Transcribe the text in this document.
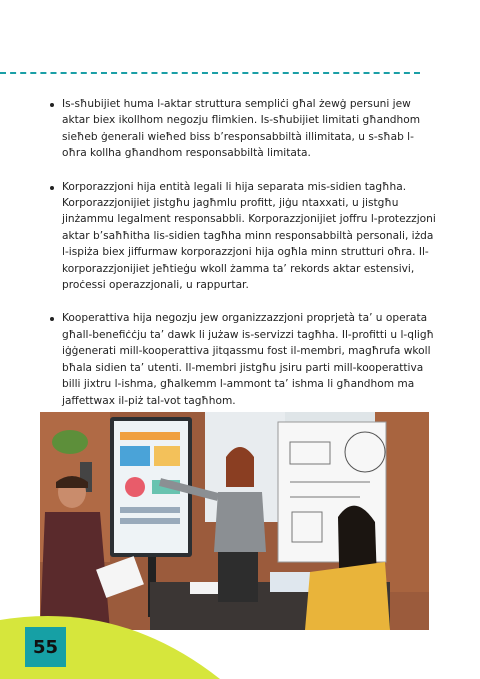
Is-sħubijiet huma l-aktar struttura sempliċi għal żewġ persuni jew aktar biex ikollhom negozju flimkien. Is-sħubijiet limitati għandhom sieħeb ġenerali wieħed biss b’responsabbiltà illimitata, u s-sħab l-oħra kollha għandhom responsabbiltà limitata.
Korporazzjoni hija entità legali li hija separata mis-sidien tagħha. Korporazzjonijiet jistgħu jagħmlu profitt, jiġu ntaxxati, u jistgħu jinżammu legalment responsabbli. Korporazzjonijiet joffru l-protezzjoni aktar b’saħħitha lis-sidien tagħha minn responsabbiltà personali, iżda l-ispiża biex jiffurmaw korporazzjoni hija ogħla minn strutturi oħra. Il-korporazzjonijiet jeħtieġu wkoll żamma ta’ rekords aktar estensivi, proċessi operazzjonali, u rappurtar.
Kooperattiva hija negozju jew organizzazzjoni proprjetà ta’ u operata għall-benefiċċju ta’ dawk li jużaw is-servizzi tagħha. Il-profitti u l-qligħ iġġenerati mill-kooperattiva jitqassmu fost il-membri, magħrufa wkoll bħala sidien ta’ utenti. Il-membri jistgħu jsiru parti mill-kooperattiva billi jixtru l-ishma, għalkemm l-ammont ta’ ishma li għandhom ma jaffettwax il-piż tal-vot tagħhom.
55
